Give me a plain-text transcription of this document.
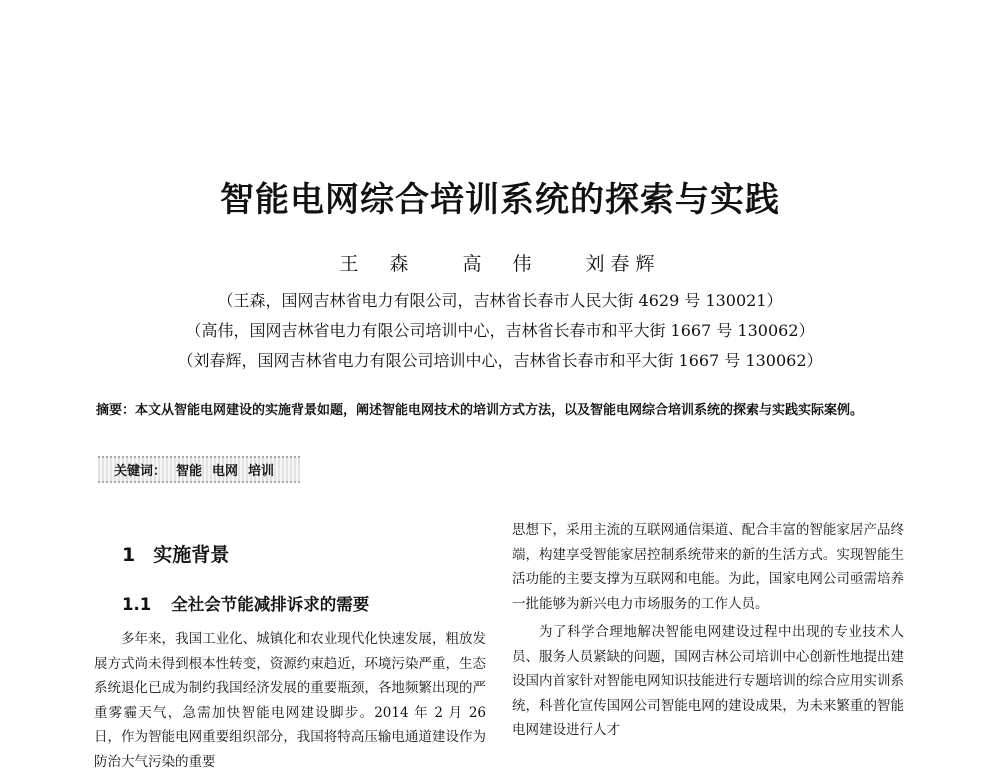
智能电网综合培训系统的探索与实践
王　森	高　伟	刘春辉
（王森，国网吉林省电力有限公司，吉林省长春市人民大街 4629 号 130021）
（高伟，国网吉林省电力有限公司培训中心，吉林省长春市和平大街 1667 号 130062）
（刘春辉，国网吉林省电力有限公司培训中心，吉林省长春市和平大街 1667 号 130062）
摘要：本文从智能电网建设的实施背景如题，阐述智能电网技术的培训方式方法，以及智能电网综合培训系统的探索与实践实际案例。
关键词： 智能 电网 培训
1 实施背景
1.1 全社会节能减排诉求的需要

多年来，我国工业化、城镇化和农业现代化快速发展，粗放发展方式尚未得到根本性转变，资源约束趋近，环境污染严重，生态系统退化已成为制约我国经济发展的重要瓶颈，各地频繁出现的严重雾霾天气，急需加快智能电网建设脚步。2014 年 2 月 26 日，作为智能电网重要组织部分，我国将特高压输电通道建设作为防治大气污染的重要

思想下，采用主流的互联网通信渠道、配合丰富的智能家居产品终端，构建享受智能家居控制系统带来的新的生活方式。实现智能生活功能的主要支撑为互联网和电能。为此，国家电网公司亟需培养一批能够为新兴电力市场服务的工作人员。

为了科学合理地解决智能电网建设过程中出现的专业技术人员、服务人员紧缺的问题，国网吉林公司培训中心创新性地提出建设国内首家针对智能电网知识技能进行专题培训的综合应用实训系统，科普化宣传国网公司智能电网的建设成果，为未来繁重的智能电网建设进行人才
